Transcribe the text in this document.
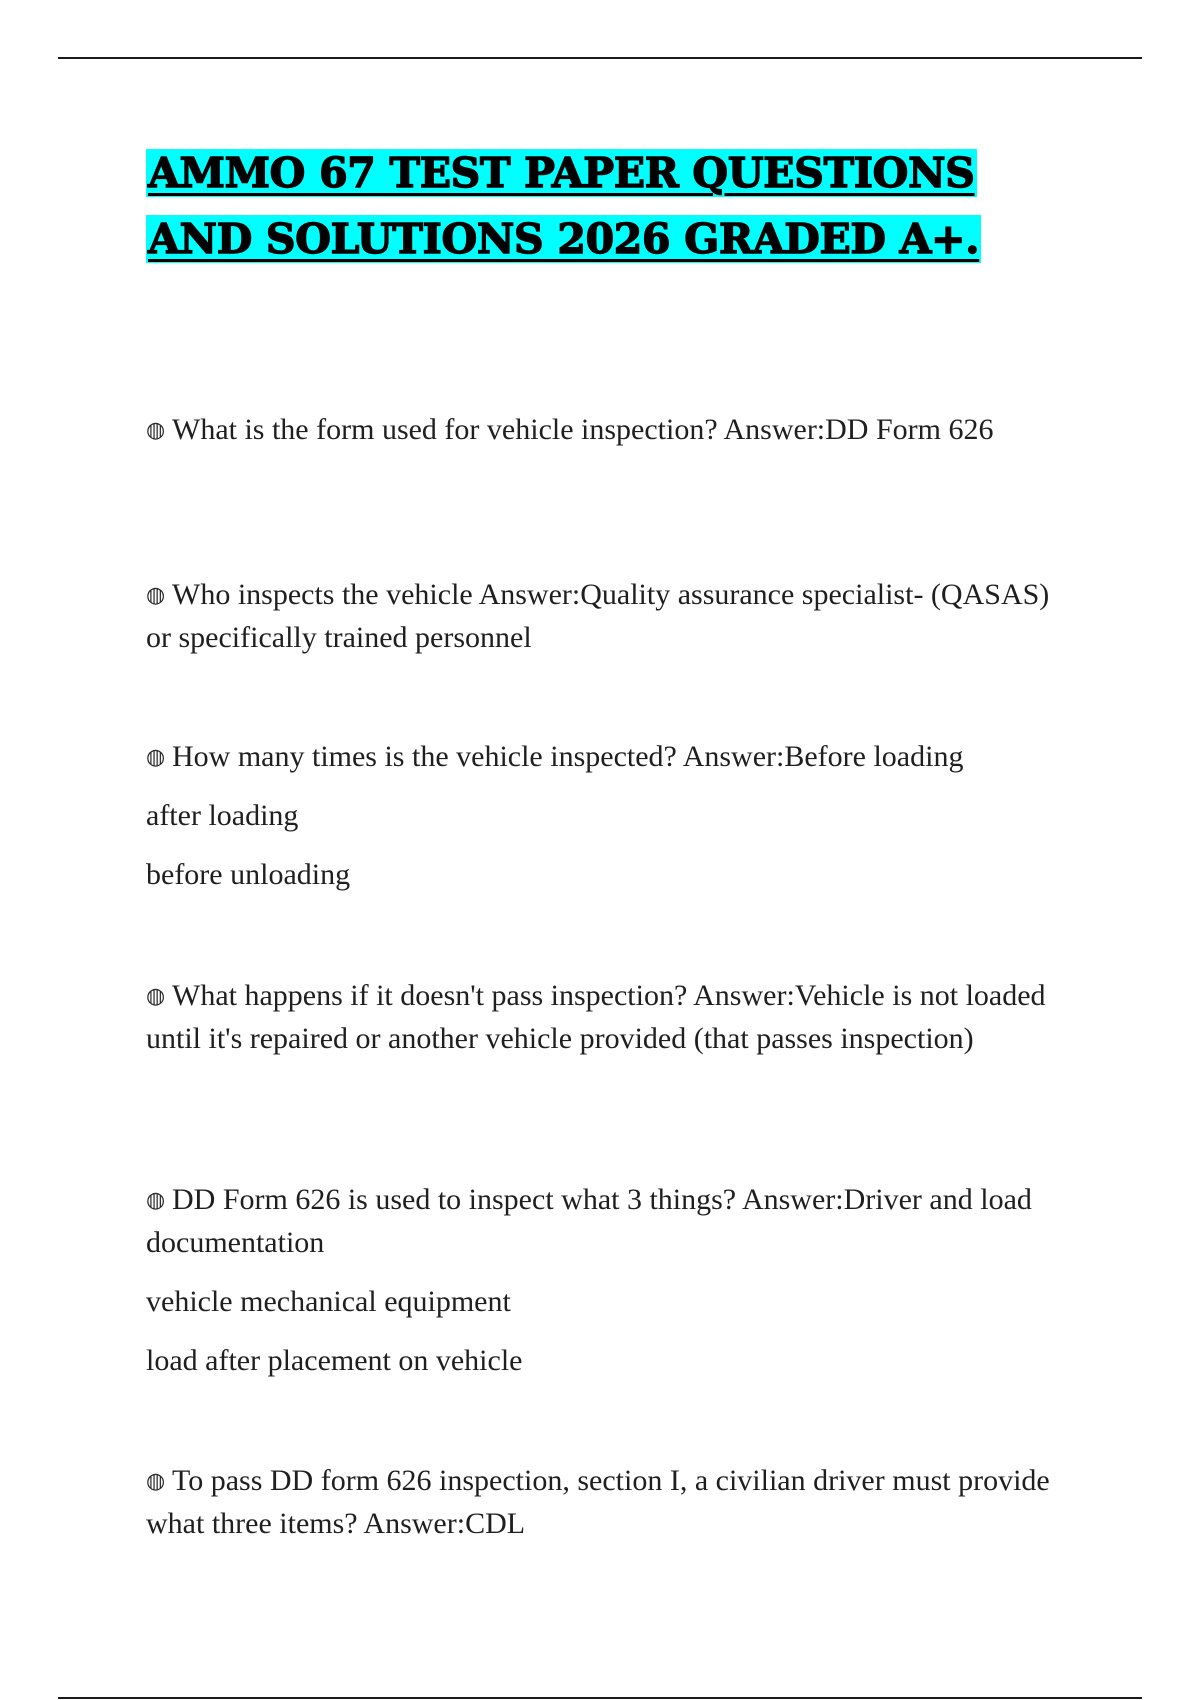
AMMO 67 TEST PAPER QUESTIONS AND SOLUTIONS 2026 GRADED A+.
◍ What is the form used for vehicle inspection? Answer:DD Form 626
◍ Who inspects the vehicle Answer:Quality assurance specialist- (QASAS) or specifically trained personnel
◍ How many times is the vehicle inspected? Answer:Before loading
after loading
before unloading
◍ What happens if it doesn't pass inspection? Answer:Vehicle is not loaded until it's repaired or another vehicle provided (that passes inspection)
◍ DD Form 626 is used to inspect what 3 things? Answer:Driver and load documentation
vehicle mechanical equipment
load after placement on vehicle
◍ To pass DD form 626 inspection, section I, a civilian driver must provide what three items? Answer:CDL
